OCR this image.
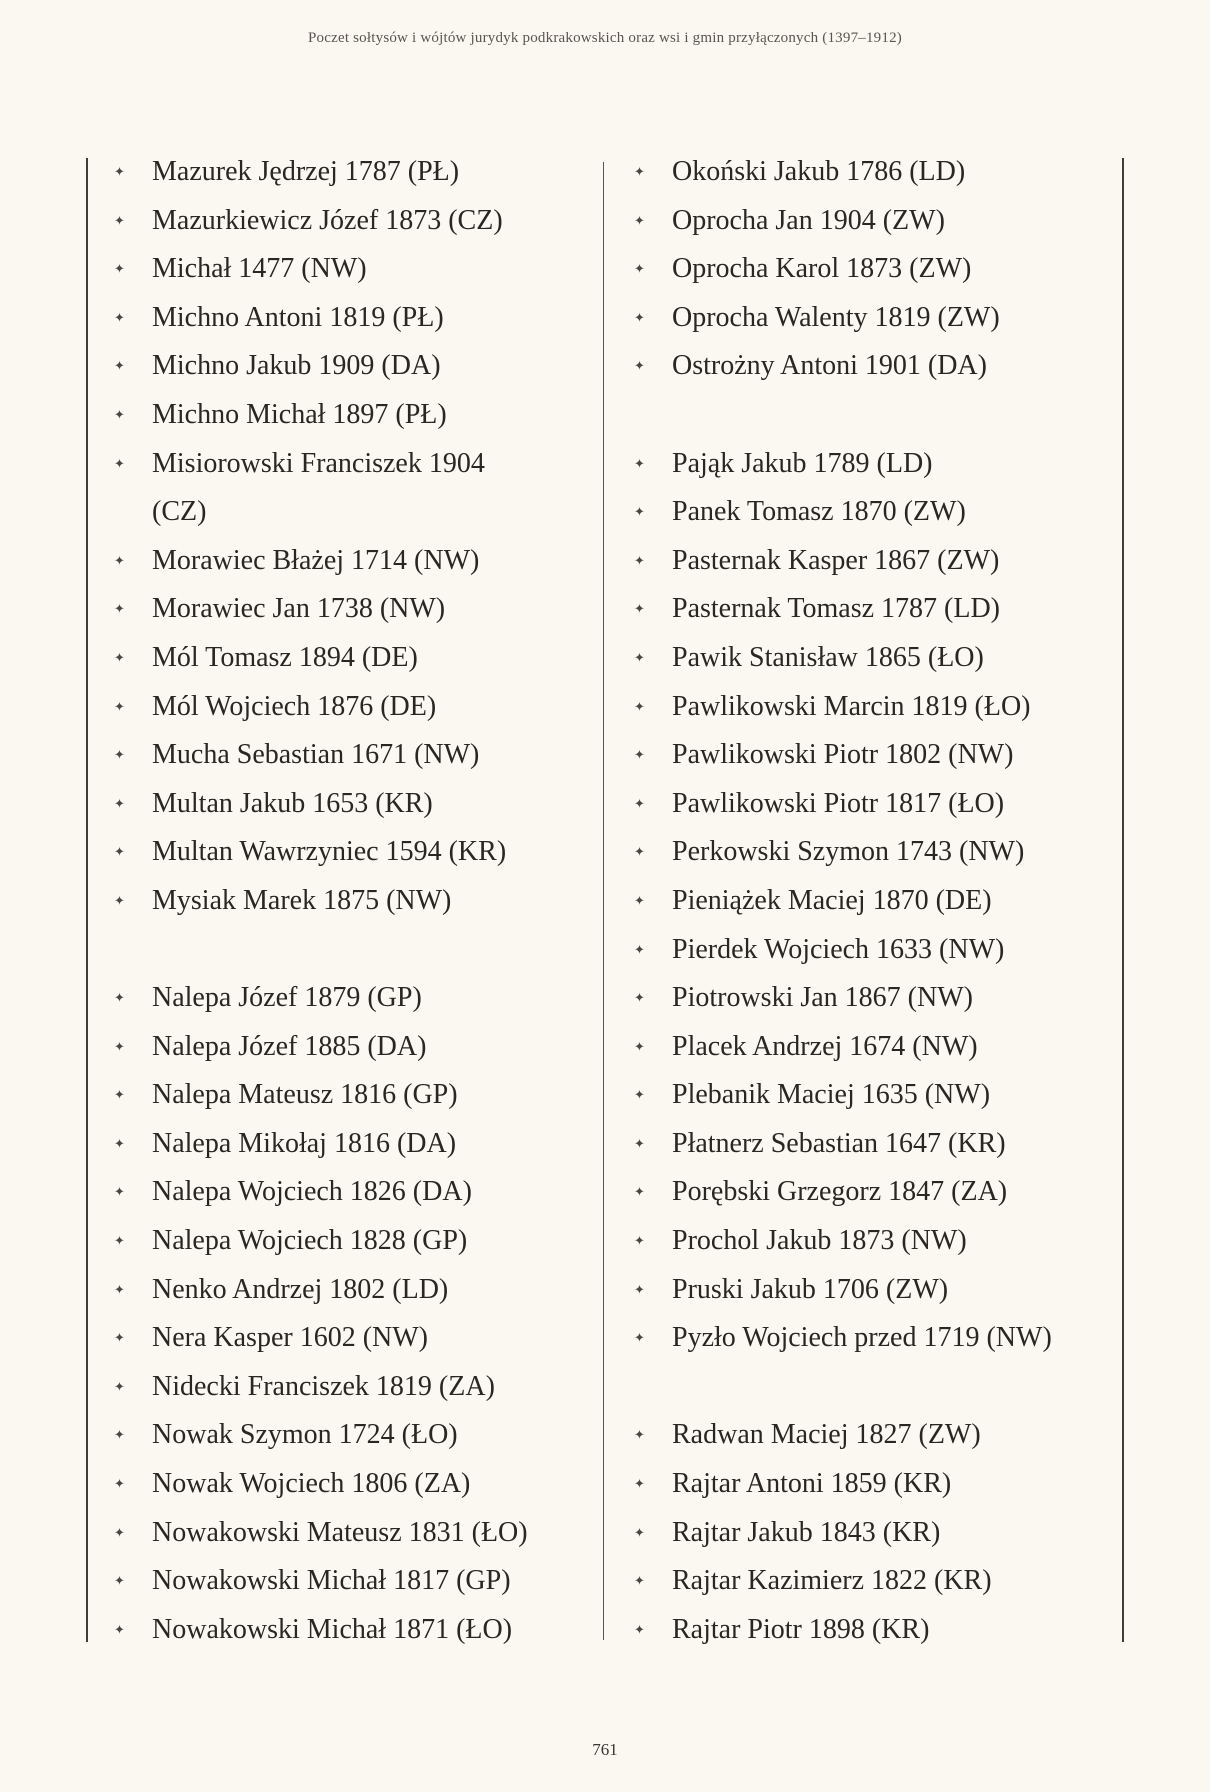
Poczet sołtysów i wójtów jurydyk podkrakowskich oraz wsi i gmin przyłączonych (1397–1912)
✦ Mazurek Jędrzej 1787 (PŁ)
✦ Mazurkiewicz Józef 1873 (CZ)
✦ Michał 1477 (NW)
✦ Michno Antoni 1819 (PŁ)
✦ Michno Jakub 1909 (DA)
✦ Michno Michał 1897 (PŁ)
✦ Misiorowski Franciszek 1904 (CZ)
✦ Morawiec Błażej 1714 (NW)
✦ Morawiec Jan 1738 (NW)
✦ Mól Tomasz 1894 (DE)
✦ Mól Wojciech 1876 (DE)
✦ Mucha Sebastian 1671 (NW)
✦ Multan Jakub 1653 (KR)
✦ Multan Wawrzyniec 1594 (KR)
✦ Mysiak Marek 1875 (NW)
✦ Nalepa Józef 1879 (GP)
✦ Nalepa Józef 1885 (DA)
✦ Nalepa Mateusz 1816 (GP)
✦ Nalepa Mikołaj 1816 (DA)
✦ Nalepa Wojciech 1826 (DA)
✦ Nalepa Wojciech 1828 (GP)
✦ Nenko Andrzej 1802 (LD)
✦ Nera Kasper 1602 (NW)
✦ Nidecki Franciszek 1819 (ZA)
✦ Nowak Szymon 1724 (ŁO)
✦ Nowak Wojciech 1806 (ZA)
✦ Nowakowski Mateusz 1831 (ŁO)
✦ Nowakowski Michał 1817 (GP)
✦ Nowakowski Michał 1871 (ŁO)
✦ Okoński Jakub 1786 (LD)
✦ Oprocha Jan 1904 (ZW)
✦ Oprocha Karol 1873 (ZW)
✦ Oprocha Walenty 1819 (ZW)
✦ Ostrożny Antoni 1901 (DA)
✦ Pająk Jakub 1789 (LD)
✦ Panek Tomasz 1870 (ZW)
✦ Pasternak Kasper 1867 (ZW)
✦ Pasternak Tomasz 1787 (LD)
✦ Pawik Stanisław 1865 (ŁO)
✦ Pawlikowski Marcin 1819 (ŁO)
✦ Pawlikowski Piotr 1802 (NW)
✦ Pawlikowski Piotr 1817 (ŁO)
✦ Perkowski Szymon 1743 (NW)
✦ Pieniążek Maciej 1870 (DE)
✦ Pierdek Wojciech 1633 (NW)
✦ Piotrowski Jan 1867 (NW)
✦ Placek Andrzej 1674 (NW)
✦ Plebanik Maciej 1635 (NW)
✦ Płatnerz Sebastian 1647 (KR)
✦ Porębski Grzegorz 1847 (ZA)
✦ Prochol Jakub 1873 (NW)
✦ Pruski Jakub 1706 (ZW)
✦ Pyzło Wojciech przed 1719 (NW)
✦ Radwan Maciej 1827 (ZW)
✦ Rajtar Antoni 1859 (KR)
✦ Rajtar Jakub 1843 (KR)
✦ Rajtar Kazimierz 1822 (KR)
✦ Rajtar Piotr 1898 (KR)
761
